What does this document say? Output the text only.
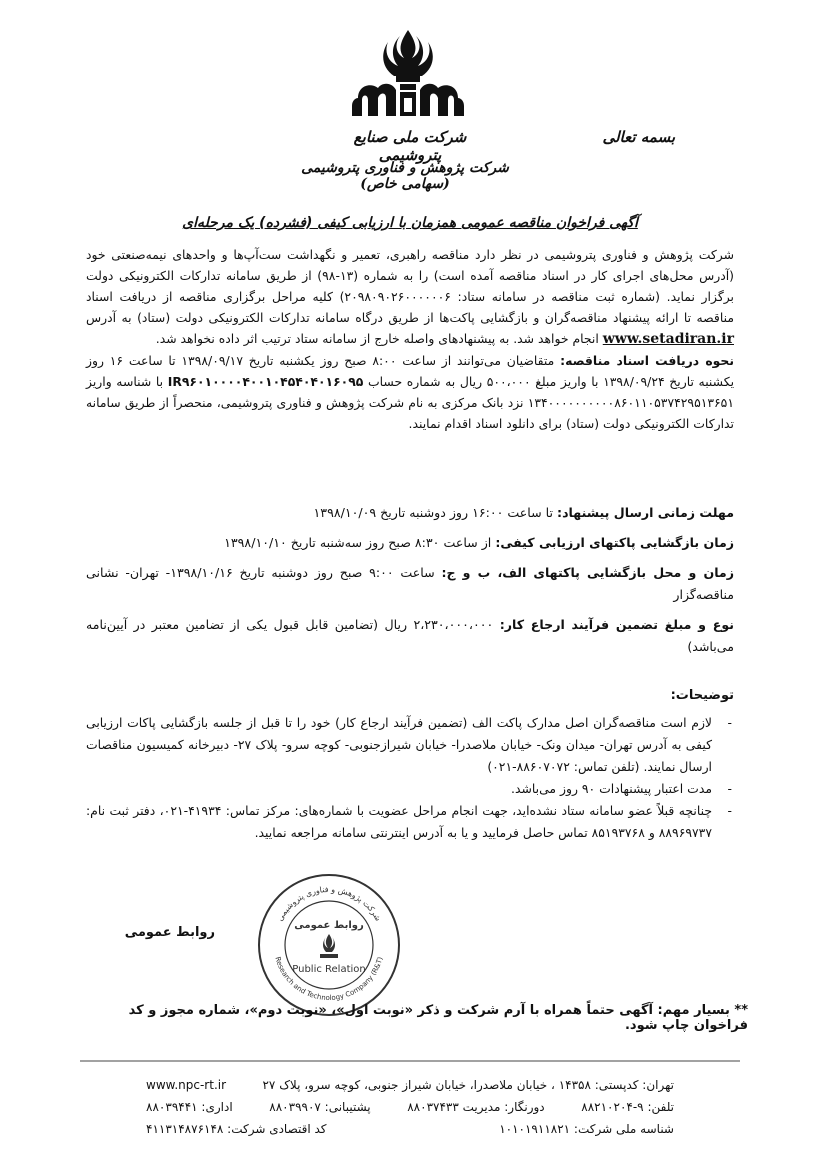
شرکت ملی صنایع پتروشیمی
شرکت پژوهش و فناوری پتروشیمی (سهامی خاص)
بسمه تعالی
آگهی فراخوان مناقصه عمومی همزمان با ارزیابی کیفی (فشرده) یک مرحله‌ای

شرکت پژوهش و فناوری پتروشیمی در نظر دارد مناقصه راهبری، تعمیر و نگهداشت ست‌آپ‌ها و واحدهای نیمه‌صنعتی خود (آدرس محل‌های اجرای کار در اسناد مناقصه آمده است) را به شماره (۱۳-۹۸) از طریق سامانه تدارکات الکترونیکی دولت برگزار نماید. (شماره ثبت مناقصه در سامانه ستاد: ۲۰۹۸۰۹۰۲۶۰۰۰۰۰۰۶) کلیه مراحل برگزاری مناقصه از دریافت اسناد مناقصه تا ارائه پیشنهاد مناقصه‌گران و بازگشایی پاکت‌ها از طریق درگاه سامانه تدارکات الکترونیکی دولت (ستاد) به آدرس www.setadiran.ir انجام خواهد شد. به پیشنهادهای واصله خارج از سامانه ستاد ترتیب اثر داده نخواهد شد.

نحوه دریافت اسناد مناقصه: متقاضیان می‌توانند از ساعت ۸:۰۰ صبح روز یکشنبه تاریخ ۱۳۹۸/۰۹/۱۷ تا ساعت ۱۶ روز یکشنبه تاریخ ۱۳۹۸/۰۹/۲۴ با واریز مبلغ ۵۰۰،۰۰۰ ریال به شماره حساب IR۹۶۰۱۰۰۰۰۴۰۰۱۰۴۵۴۰۴۰۱۶۰۹۵ با شناسه واریز ۱۳۴۰۰۰۰۰۰۰۰۰۰۸۶۰۱۱۰۵۳۷۴۲۹۵۱۳۶۵۱ نزد بانک مرکزی به نام شرکت پژوهش و فناوری پتروشیمی، منحصراً از طریق سامانه تدارکات الکترونیکی دولت (ستاد) برای دانلود اسناد اقدام نمایند.

مهلت زمانی ارسال پیشنهاد: تا ساعت ۱۶:۰۰ روز دوشنبه تاریخ ۱۳۹۸/۱۰/۰۹

زمان بازگشایی پاکتهای ارزیابی کیفی: از ساعت ۸:۳۰ صبح روز سه‌شنبه تاریخ ۱۳۹۸/۱۰/۱۰

زمان و محل بازگشایی پاکتهای الف، ب و ج: ساعت ۹:۰۰ صبح روز دوشنبه تاریخ ۱۳۹۸/۱۰/۱۶- تهران- نشانی مناقصه‌گزار

نوع و مبلغ تضمین فرآیند ارجاع کار: ۲،۲۳۰،۰۰۰،۰۰۰ ریال (تضامین قابل قبول یکی از تضامین معتبر در آیین‌نامه می‌باشد)

توضیحات:
- لازم است مناقصه‌گران اصل مدارک پاکت الف (تضمین فرآیند ارجاع کار) خود را تا قبل از جلسه بازگشایی پاکات ارزیابی کیفی به آدرس تهران- میدان ونک- خیابان ملاصدرا- خیابان شیرازجنوبی- کوچه سرو- پلاک ۲۷- دبیرخانه کمیسیون مناقصات ارسال نمایند. (تلفن تماس: ۸۸۶۰۷۰۷۲-۰۲۱)
- مدت اعتبار پیشنهادات ۹۰ روز می‌باشد.
- چنانچه قبلاً عضو سامانه ستاد نشده‌اید، جهت انجام مراحل عضویت با شماره‌های: مرکز تماس: ۴۱۹۳۴-۰۲۱، دفتر ثبت نام: ۸۸۹۶۹۷۳۷ و ۸۵۱۹۳۷۶۸ تماس حاصل فرمایید و یا به آدرس اینترنتی سامانه مراجعه نمایید.
شرکت پژوهش و فناوری پتروشیمی
Research and Technology Company (R&T)
روابط عمومی
Public Relation
روابط عمومی
** بسیار مهم: آگهی حتماً همراه با آرم شرکت و ذکر «نوبت اول»، «نوبت دوم»، شماره مجوز و کد فراخوان چاپ شود.
تهران: کدپستی: ۱۴۳۵۸ ، خیابان ملاصدرا، خیابان شیراز جنوبی، کوچه سرو، پلاک ۲۷
www.npc-rt.ir
تلفن: ۹-۸۸۲۱۰۲۰۴
دورنگار: مدیریت ۸۸۰۳۷۴۳۳
پشتیبانی: ۸۸۰۳۹۹۰۷
اداری: ۸۸۰۳۹۴۴۱
شناسه ملی شرکت: ۱۰۱۰۱۹۱۱۸۲۱
کد اقتصادی شرکت: ۴۱۱۳۱۴۸۷۶۱۴۸
